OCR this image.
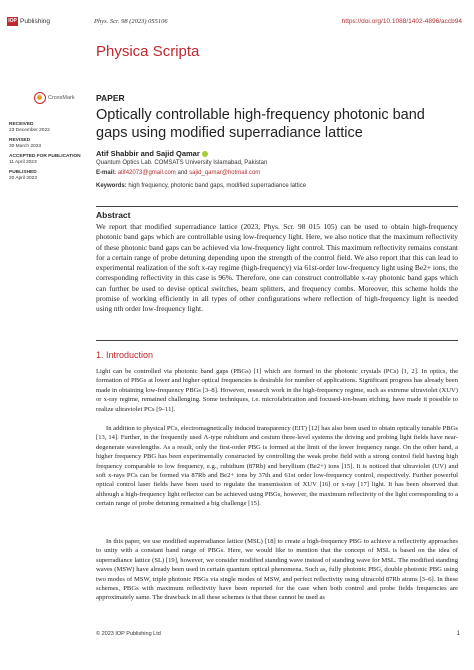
IOP Publishing	Phys. Scr. 98 (2023) 055106	https://doi.org/10.1088/1402-4896/accb94
Physica Scripta
CrossMark	PAPER
Optically controllable high-frequency photonic band gaps using modified superradiance lattice
RECEIVED
23 December 2022
REVISED
30 March 2023
ACCEPTED FOR PUBLICATION
11 April 2023
PUBLISHED
20 April 2023
Atif Shabbir and Sajid Qamar
Quantum Optics Lab. COMSATS University Islamabad, Pakistan
E-mail: atif42073@gmail.com and sajid_qamar@hotmail.com
Keywords: high frequency, photonic band gaps, modified superradiance lattice
Abstract
We report that modified superradiance lattice (2023, Phys. Scr. 98 015 105) can be used to obtain high-frequency photonic band gaps which are controllable using low-frequency light. Here, we also notice that the maximum reflectivity of these photonic band gaps can be achieved via low-frequency light control. This maximum reflectivity remains constant for a certain range of probe detuning depending upon the strength of the control field. We also report that this can lead to experimental realization of the soft x-ray regime (high-frequency) via 61st-order low-frequency light using Be2+ ions, the corresponding reflectivity in this case is 96%. Therefore, one can construct controllable x-ray photonic band gaps which can further be used to devise optical switches, beam splitters, and frequency combs. Moreover, this scheme holds the promise of working efficiently in all types of other configurations where reflection of high-frequency light is needed using nth order low-frequency light.
1. Introduction
Light can be controlled via photonic band gaps (PBGs) [1] which are formed in the photonic crystals (PCs) [1, 2]. In optics, the formation of PBGs at lower and higher optical frequencies is desirable for number of applications. Significant progress has already been made in obtaining low-frequency PBGs [3–8]. However, research work in the high-frequency regime, such as extreme ultraviolet (XUV) or x-ray regime, remained challenging. Some techniques, i.e. microfabrication and focused-ion-beam etching, have made it possible to realize ultraviolet PCs [9–11].
In addition to physical PCs, electromagnetically induced transparency (EIT) [12] has also been used to obtain optically tunable PBGs [13, 14]. Further, in the frequently used Λ-type rubidium and cesium three-level systems the driving and probing light fields have near-degenerate wavelengths. As a result, only the first-order PBG is formed at the limit of the lower frequency range. On the other hand, a higher frequency PBG has been experimentally constructed by controlling the weak probe field with a strong control field having high frequency comparable to low frequency, e.g., rubidium (87Rb) and beryllium (Be2+) ions [15]. It is noticed that ultraviolet (UV) and soft x-rays PCs can be formed via 87Rb and Be2+ ions by 37th and 61st order low-frequency control, respectively. Further powerful optical control laser fields have been used to regulate the transmission of XUV [16] or x-ray [17] light. It has been observed that although a high-frequency light reflector can be achieved using PBGs, however, the maximum reflectivity of the light corresponding to a certain range of probe detuning remained a big challenge [15].
In this paper, we use modified superradiance lattice (MSL) [18] to create a high-frequency PBG to achieve a reflectivity approaches to unity with a constant band range of PBGs. Here, we would like to mention that the concept of MSL is based on the idea of superradiance lattice (SL) [19], however, we consider modified standing wave instead of standing wave for MSL. The modified standing waves (MSW) have already been used in certain quantum optical phenomena. Such as, fully photonic PBG, double photonic PBG using two modes of MSW, triple photonic PBGs via single modes of MSW, and perfect reflectivity using ultracold 87Rb atoms [3–6]. In these schemes, PBGs with maximum reflectivity have been reported for the case when both control and probe fields frequencies are approximately same. The drawback in all these schemes is that these cannot be used as
© 2023 IOP Publishing Ltd	1
